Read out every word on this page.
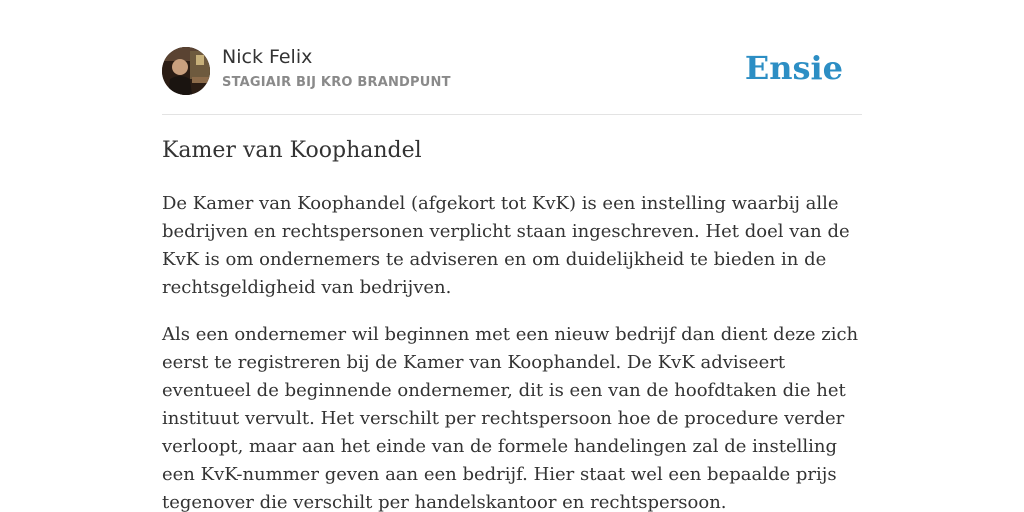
Nick Felix
STAGIAIR BIJ KRO BRANDPUNT	Ensie
Kamer van Koophandel

De Kamer van Koophandel (afgekort tot KvK) is een instelling waarbij alle bedrijven en rechtspersonen verplicht staan ingeschreven. Het doel van de KvK is om ondernemers te adviseren en om duidelijkheid te bieden in de rechtsgeldigheid van bedrijven.

Als een ondernemer wil beginnen met een nieuw bedrijf dan dient deze zich eerst te registreren bij de Kamer van Koophandel. De KvK adviseert eventueel de beginnende ondernemer, dit is een van de hoofdtaken die het instituut vervult. Het verschilt per rechtspersoon hoe de procedure verder verloopt, maar aan het einde van de formele handelingen zal de instelling een KvK-nummer geven aan een bedrijf. Hier staat wel een bepaalde prijs tegenover die verschilt per handelskantoor en rechtspersoon.
